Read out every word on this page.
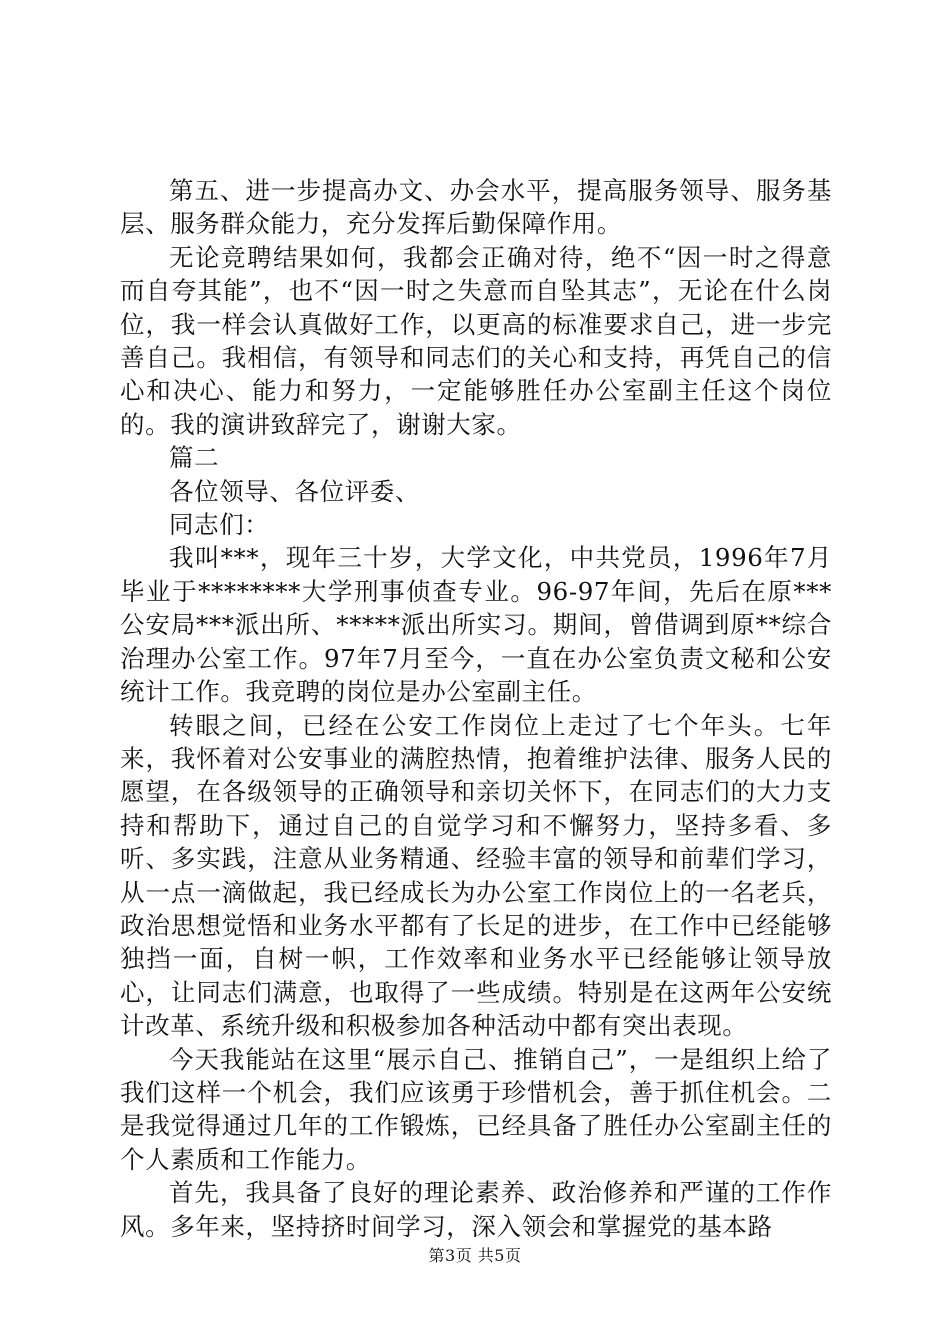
第五、进一步提高办文、办会水平，提高服务领导、服务基层、服务群众能力，充分发挥后勤保障作用。

无论竞聘结果如何，我都会正确对待，绝不“因一时之得意而自夸其能”，也不“因一时之失意而自坠其志”，无论在什么岗位，我一样会认真做好工作，以更高的标准要求自己，进一步完善自己。我相信，有领导和同志们的关心和支持，再凭自己的信心和决心、能力和努力，一定能够胜任办公室副主任这个岗位的。我的演讲致辞完了，谢谢大家。

篇二

各位领导、各位评委、

同志们：

我叫***，现年三十岁，大学文化，中共党员，1996年7月毕业于********大学刑事侦查专业。96-97年间，先后在原***公安局***派出所、*****派出所实习。期间，曾借调到原**综合治理办公室工作。97年7月至今，一直在办公室负责文秘和公安统计工作。我竞聘的岗位是办公室副主任。

转眼之间，已经在公安工作岗位上走过了七个年头。七年来，我怀着对公安事业的满腔热情，抱着维护法律、服务人民的愿望，在各级领导的正确领导和亲切关怀下，在同志们的大力支持和帮助下，通过自己的自觉学习和不懈努力，坚持多看、多听、多实践，注意从业务精通、经验丰富的领导和前辈们学习，从一点一滴做起，我已经成长为办公室工作岗位上的一名老兵，政治思想觉悟和业务水平都有了长足的进步，在工作中已经能够独挡一面，自树一帜，工作效率和业务水平已经能够让领导放心，让同志们满意，也取得了一些成绩。特别是在这两年公安统计改革、系统升级和积极参加各种活动中都有突出表现。

今天我能站在这里“展示自己、推销自己”，一是组织上给了我们这样一个机会，我们应该勇于珍惜机会，善于抓住机会。二是我觉得通过几年的工作锻炼，已经具备了胜任办公室副主任的个人素质和工作能力。

首先，我具备了良好的理论素养、政治修养和严谨的工作作风。多年来，坚持挤时间学习，深入领会和掌握党的基本路

第3页 共5页
